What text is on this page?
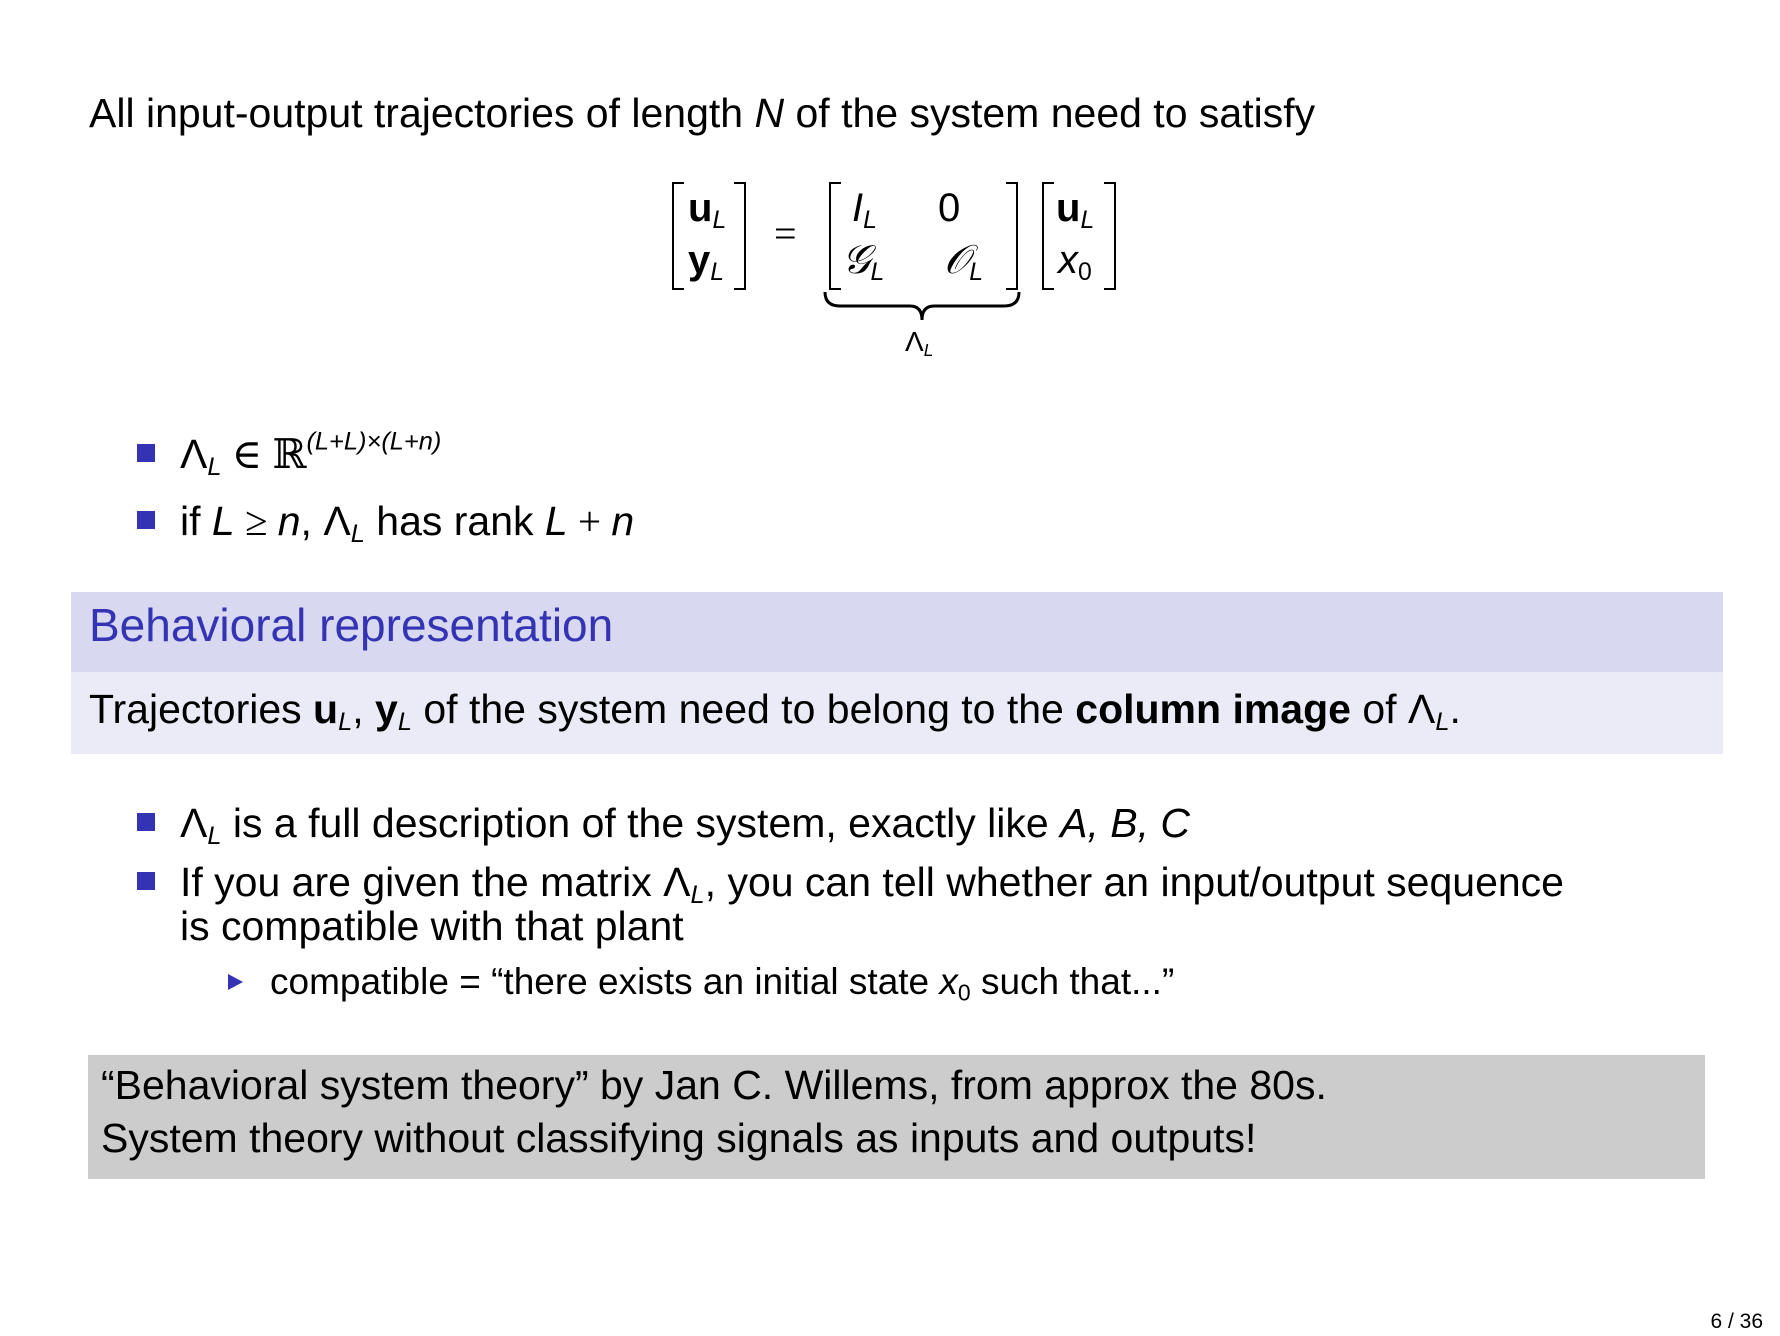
All input-output trajectories of length N of the system need to satisfy
$u_L$
$y_L$
=
$I_L$ 0
𝒢$_L$ 𝒪$_L$
$u_L$
$x_0$
$\Lambda_L$
$\Lambda_L$ ∈ ℝ$^{(L+L)\times(L+n)}$
if L ≥ n, $\Lambda_L$ has rank L + n
Behavioral representation
Trajectories $u_L$, $y_L$ of the system need to belong to the column image of $\Lambda_L$.
$\Lambda_L$ is a full description of the system, exactly like A, B, C
If you are given the matrix $\Lambda_L$, you can tell whether an input/output sequence
is compatible with that plant
compatible = “there exists an initial state $x_0$ such that...”
“Behavioral system theory” by Jan C. Willems, from approx the 80s.
System theory without classifying signals as inputs and outputs!
6 / 36
